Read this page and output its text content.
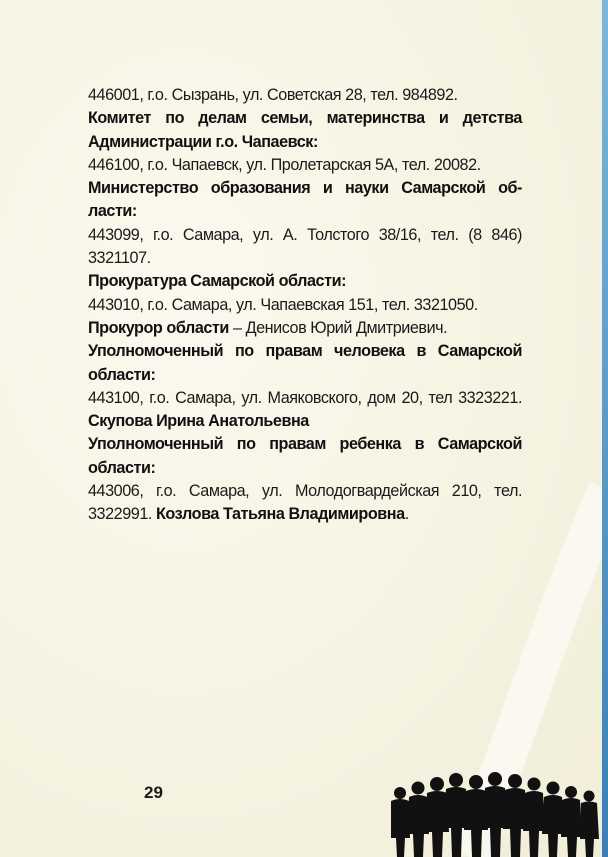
446001, г.о. Сызрань, ул. Советская 28, тел. 984892.

Комитет по делам семьи, материнства и детства Администрации г.о. Чапаевск:

446100, г.о. Чапаевск, ул. Пролетарская 5А, тел. 20082.

Министерство образования и науки Самарской об-ласти:

443099, г.о. Самара, ул. А. Толстого 38/16, тел. (8 846) 3321107.

Прокуратура Самарской области:

443010, г.о. Самара, ул. Чапаевская 151, тел. 3321050.

Прокурор области – Денисов Юрий Дмитриевич.

Уполномоченный по правам человека в Самарской области:

443100, г.о. Самара, ул. Маяковского, дом 20, тел 3323221. Скупова Ирина Анатольевна

Уполномоченный по правам ребенка в Самарской области:

443006, г.о. Самара, ул. Молодогвардейская 210, тел. 3322991. Козлова Татьяна Владимировна.

29
